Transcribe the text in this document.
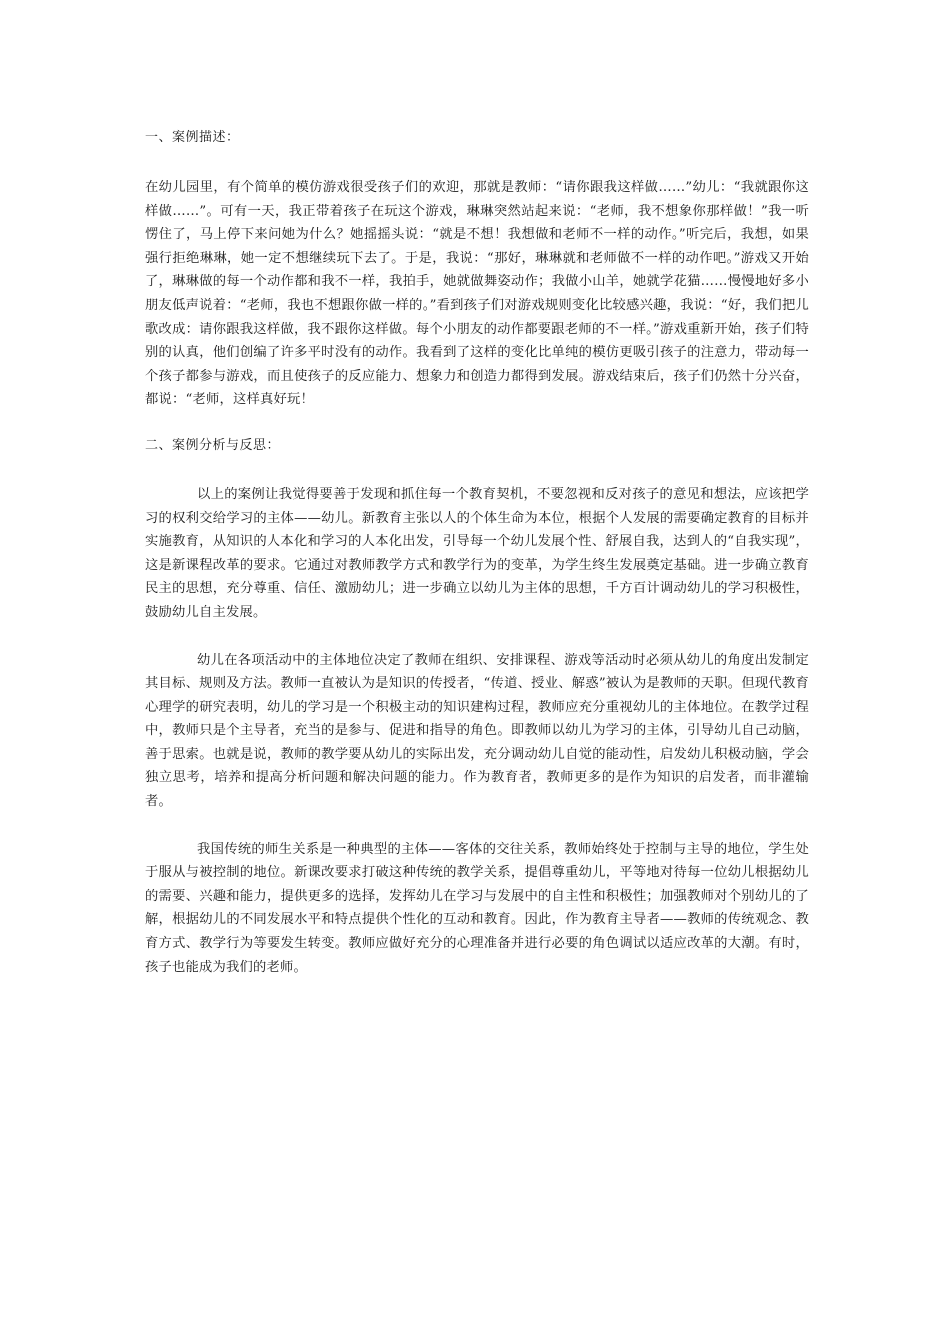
一、案例描述：

在幼儿园里，有个简单的模仿游戏很受孩子们的欢迎，那就是教师：“请你跟我这样做……”幼儿：“我就跟你这样做……”。可有一天，我正带着孩子在玩这个游戏，琳琳突然站起来说：“老师，我不想象你那样做！”我一听愣住了，马上停下来问她为什么？她摇摇头说：“就是不想！我想做和老师不一样的动作。”听完后，我想，如果强行拒绝琳琳，她一定不想继续玩下去了。于是，我说：“那好，琳琳就和老师做不一样的动作吧。”游戏又开始了，琳琳做的每一个动作都和我不一样，我拍手，她就做舞姿动作；我做小山羊，她就学花猫……慢慢地好多小朋友低声说着：“老师，我也不想跟你做一样的。”看到孩子们对游戏规则变化比较感兴趣，我说：“好，我们把儿歌改成：请你跟我这样做，我不跟你这样做。每个小朋友的动作都要跟老师的不一样。”游戏重新开始，孩子们特别的认真，他们创编了许多平时没有的动作。我看到了这样的变化比单纯的模仿更吸引孩子的注意力，带动每一个孩子都参与游戏，而且使孩子的反应能力、想象力和创造力都得到发展。游戏结束后，孩子们仍然十分兴奋，都说：“老师，这样真好玩！

二、案例分析与反思：

以上的案例让我觉得要善于发现和抓住每一个教育契机，不要忽视和反对孩子的意见和想法，应该把学习的权利交给学习的主体——幼儿。新教育主张以人的个体生命为本位，根据个人发展的需要确定教育的目标并实施教育，从知识的人本化和学习的人本化出发，引导每一个幼儿发展个性、舒展自我，达到人的“自我实现”，这是新课程改革的要求。它通过对教师教学方式和教学行为的变革，为学生终生发展奠定基础。进一步确立教育民主的思想，充分尊重、信任、激励幼儿；进一步确立以幼儿为主体的思想，千方百计调动幼儿的学习积极性，鼓励幼儿自主发展。

幼儿在各项活动中的主体地位决定了教师在组织、安排课程、游戏等活动时必须从幼儿的角度出发制定其目标、规则及方法。教师一直被认为是知识的传授者，“传道、授业、解惑”被认为是教师的天职。但现代教育心理学的研究表明，幼儿的学习是一个积极主动的知识建构过程，教师应充分重视幼儿的主体地位。在教学过程中，教师只是个主导者，充当的是参与、促进和指导的角色。即教师以幼儿为学习的主体，引导幼儿自己动脑，善于思索。也就是说，教师的教学要从幼儿的实际出发，充分调动幼儿自觉的能动性，启发幼儿积极动脑，学会独立思考，培养和提高分析问题和解决问题的能力。作为教育者，教师更多的是作为知识的启发者，而非灌输者。

我国传统的师生关系是一种典型的主体——客体的交往关系，教师始终处于控制与主导的地位，学生处于服从与被控制的地位。新课改要求打破这种传统的教学关系，提倡尊重幼儿，平等地对待每一位幼儿根据幼儿的需要、兴趣和能力，提供更多的选择，发挥幼儿在学习与发展中的自主性和积极性；加强教师对个别幼儿的了解，根据幼儿的不同发展水平和特点提供个性化的互动和教育。因此，作为教育主导者——教师的传统观念、教育方式、教学行为等要发生转变。教师应做好充分的心理准备并进行必要的角色调试以适应改革的大潮。有时，孩子也能成为我们的老师。
